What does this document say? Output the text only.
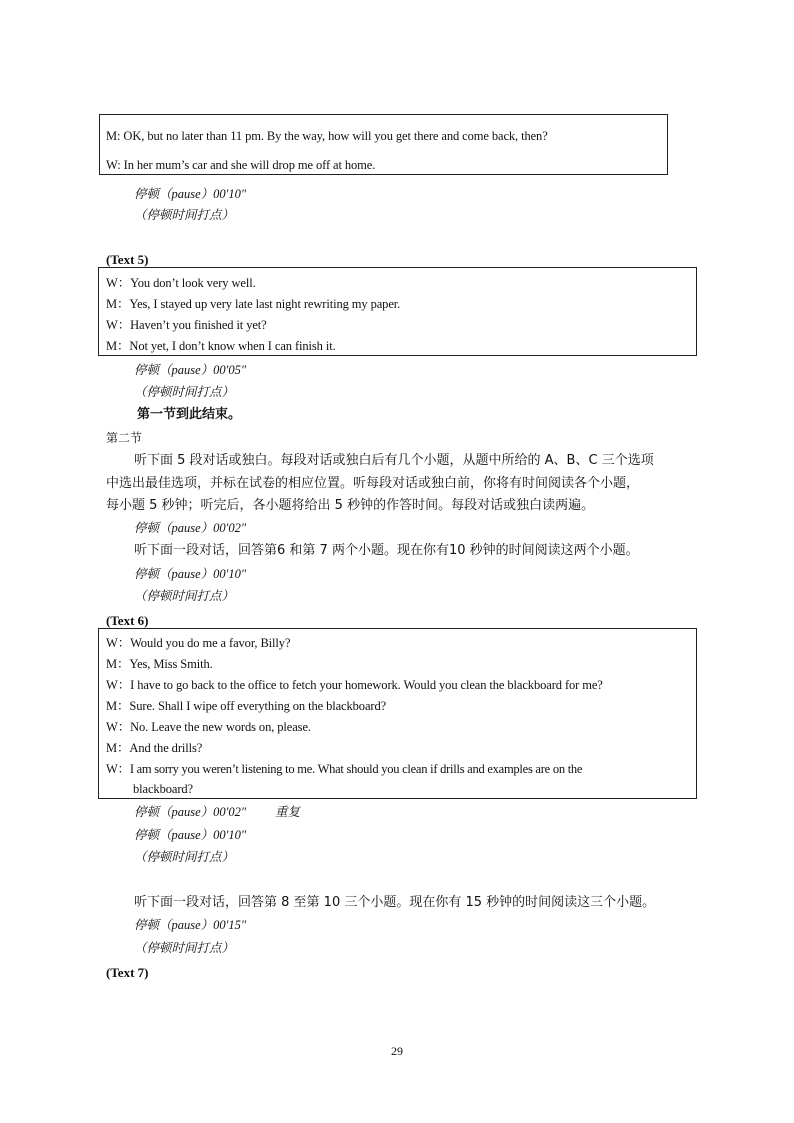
M: OK, but no later than 11 pm. By the way, how will you get there and come back, then?
W: In her mum’s car and she will drop me off at home.
停顿（pause）00'10"
（停顿时间打点）
(Text 5)
W：You don’t look very well.
M：Yes, I stayed up very late last night rewriting my paper.
W：Haven’t you finished it yet?
M：Not yet, I don’t know when I can finish it.
停顿（pause）00'05"
（停顿时间打点）
第一节到此结束。
第二节
听下面 5 段对话或独白。每段对话或独白后有几个小题，从题中所给的 A、B、C 三个选项
中选出最佳选项，并标在试卷的相应位置。听每段对话或独白前，你将有时间阅读各个小题，
每小题 5 秒钟；听完后，各小题将给出 5 秒钟的作答时间。每段对话或独白读两遍。
停顿（pause）00'02"
听下面一段对话，回答第6 和第 7 两个小题。现在你有10 秒钟的时间阅读这两个小题。
停顿（pause）00'10"
（停顿时间打点）
(Text 6)
W：Would you do me a favor, Billy?
M：Yes, Miss Smith.
W：I have to go back to the office to fetch your homework. Would you clean the blackboard for me?
M：Sure. Shall I wipe off everything on the blackboard?
W：No. Leave the new words on, please.
M：And the drills?
W：I am sorry you weren’t listening to me. What should you clean if drills and examples are on the
blackboard?
停顿（pause）00'02" 重复
停顿（pause）00'10"
（停顿时间打点）
听下面一段对话，回答第 8 至第 10 三个小题。现在你有 15 秒钟的时间阅读这三个小题。
停顿（pause）00'15"
（停顿时间打点）
(Text 7)
29
